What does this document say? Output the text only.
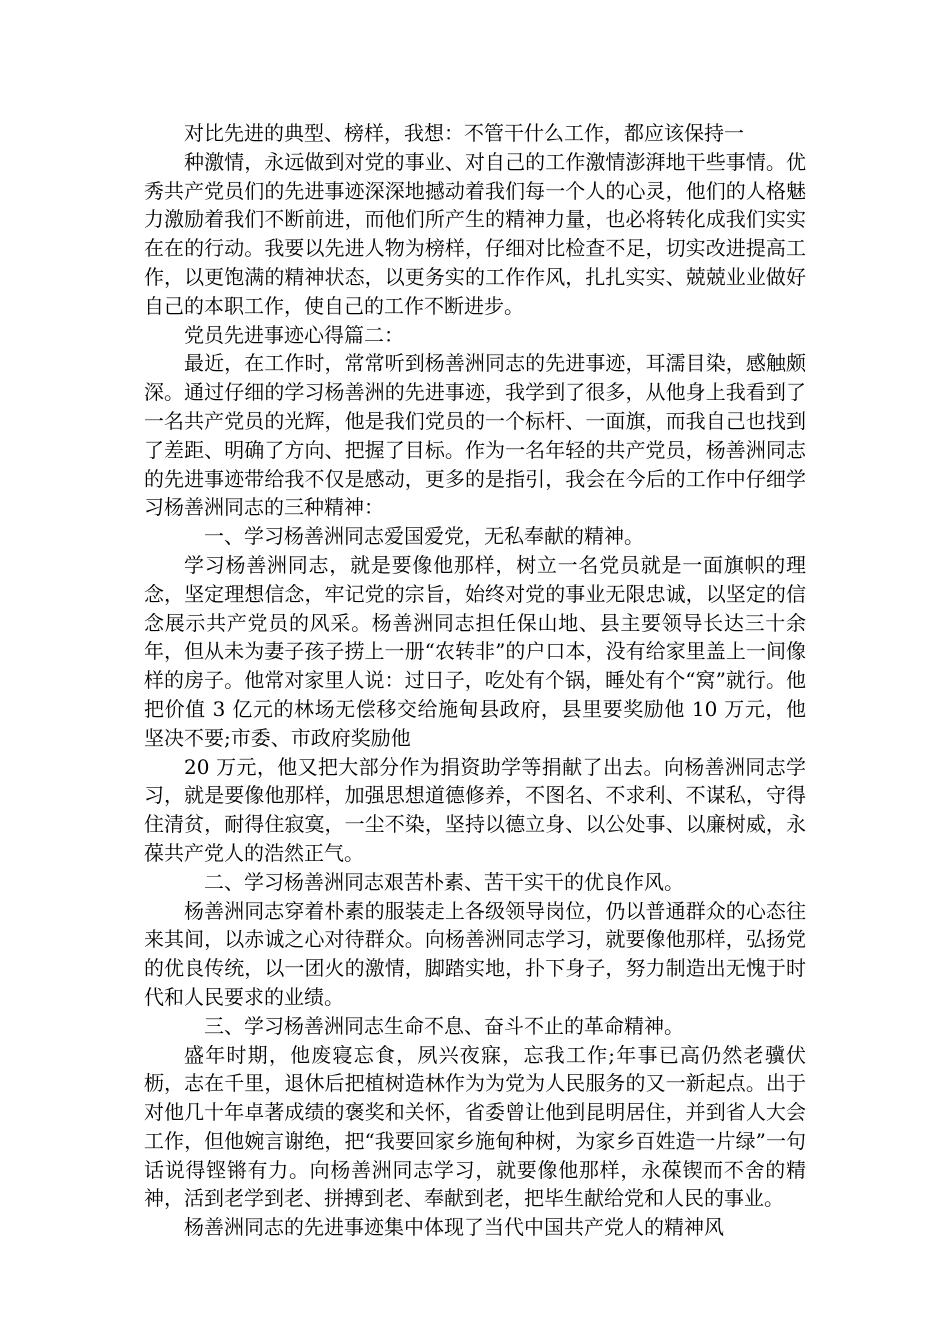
对比先进的典型、榜样，我想：不管干什么工作，都应该保持一

种激情，永远做到对党的事业、对自己的工作激情澎湃地干些事情。优秀共产党员们的先进事迹深深地撼动着我们每一个人的心灵，他们的人格魅力激励着我们不断前进，而他们所产生的精神力量，也必将转化成我们实实在在的行动。我要以先进人物为榜样，仔细对比检查不足，切实改进提高工作，以更饱满的精神状态，以更务实的工作作风，扎扎实实、兢兢业业做好自己的本职工作，使自己的工作不断进步。

党员先进事迹心得篇二：

最近，在工作时，常常听到杨善洲同志的先进事迹，耳濡目染，感触颇深。通过仔细的学习杨善洲的先进事迹，我学到了很多，从他身上我看到了一名共产党员的光辉，他是我们党员的一个标杆、一面旗，而我自己也找到了差距、明确了方向、把握了目标。作为一名年轻的共产党员，杨善洲同志的先进事迹带给我不仅是感动，更多的是指引，我会在今后的工作中仔细学习杨善洲同志的三种精神：

一、学习杨善洲同志爱国爱党，无私奉献的精神。

学习杨善洲同志，就是要像他那样，树立一名党员就是一面旗帜的理念，坚定理想信念，牢记党的宗旨，始终对党的事业无限忠诚，以坚定的信念展示共产党员的风采。杨善洲同志担任保山地、县主要领导长达三十余年，但从未为妻子孩子捞上一册“农转非”的户口本，没有给家里盖上一间像样的房子。他常对家里人说：过日子，吃处有个锅，睡处有个“窝”就行。他把价值 3 亿元的林场无偿移交给施甸县政府，县里要奖励他 10 万元，他坚决不要;市委、市政府奖励他

20 万元，他又把大部分作为捐资助学等捐献了出去。向杨善洲同志学习，就是要像他那样，加强思想道德修养，不图名、不求利、不谋私，守得住清贫，耐得住寂寞，一尘不染，坚持以德立身、以公处事、以廉树威，永葆共产党人的浩然正气。

二、学习杨善洲同志艰苦朴素、苦干实干的优良作风。

杨善洲同志穿着朴素的服装走上各级领导岗位，仍以普通群众的心态往来其间，以赤诚之心对待群众。向杨善洲同志学习，就要像他那样，弘扬党的优良传统，以一团火的激情，脚踏实地，扑下身子，努力制造出无愧于时代和人民要求的业绩。

三、学习杨善洲同志生命不息、奋斗不止的革命精神。

盛年时期，他废寝忘食，夙兴夜寐，忘我工作;年事已高仍然老骥伏枥，志在千里，退休后把植树造林作为为党为人民服务的又一新起点。出于对他几十年卓著成绩的褒奖和关怀，省委曾让他到昆明居住，并到省人大会工作，但他婉言谢绝，把“我要回家乡施甸种树，为家乡百姓造一片绿”一句话说得铿锵有力。向杨善洲同志学习，就要像他那样，永葆锲而不舍的精神，活到老学到老、拼搏到老、奉献到老，把毕生献给党和人民的事业。

杨善洲同志的先进事迹集中体现了当代中国共产党人的精神风
